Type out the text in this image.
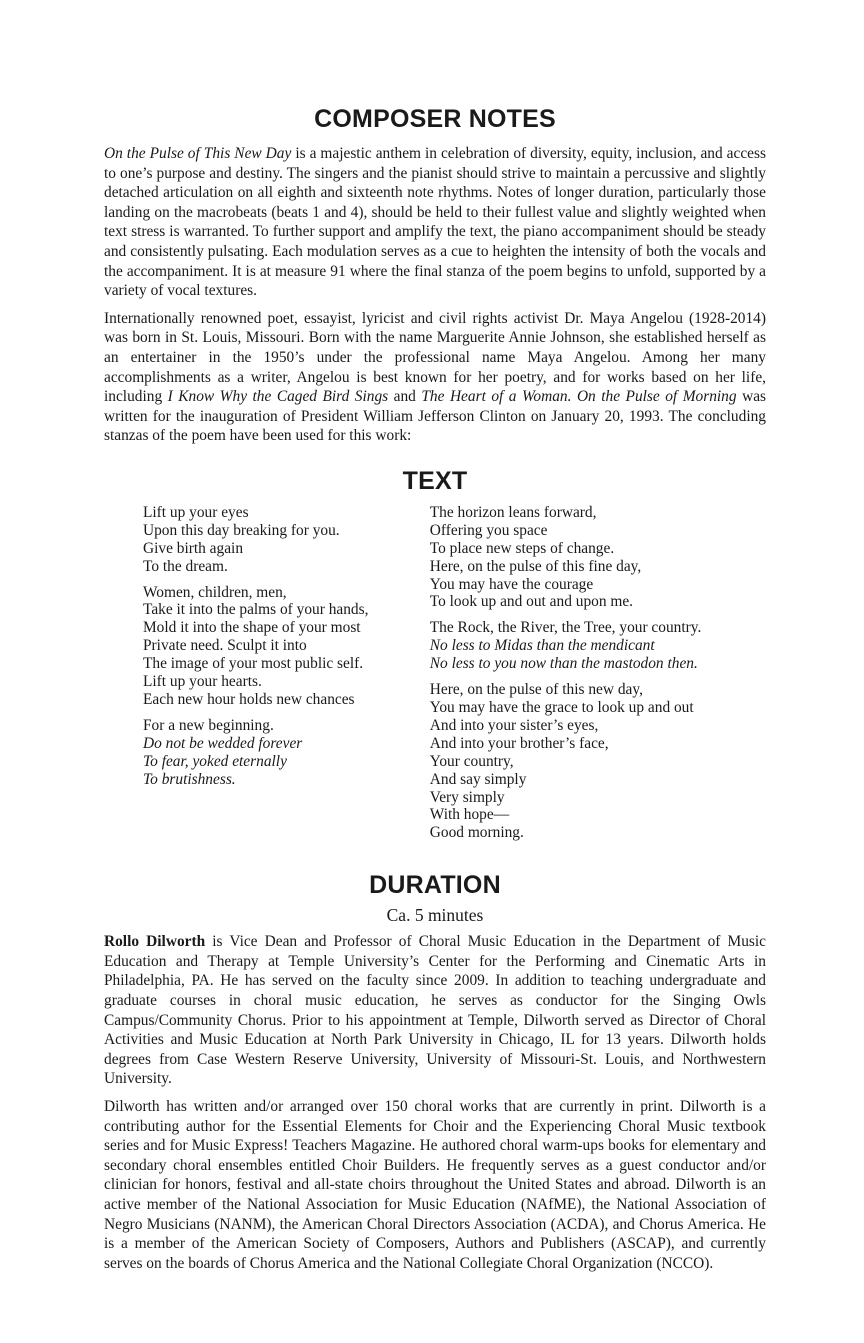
COMPOSER NOTES

On the Pulse of This New Day is a majestic anthem in celebration of diversity, equity, inclusion, and access to one’s purpose and destiny. The singers and the pianist should strive to maintain a percussive and slightly detached articulation on all eighth and sixteenth note rhythms. Notes of longer duration, particularly those landing on the macrobeats (beats 1 and 4), should be held to their fullest value and slightly weighted when text stress is warranted. To further support and amplify the text, the piano accompaniment should be steady and consistently pulsating. Each modulation serves as a cue to heighten the intensity of both the vocals and the accompaniment. It is at measure 91 where the final stanza of the poem begins to unfold, supported by a variety of vocal textures.

Internationally renowned poet, essayist, lyricist and civil rights activist Dr. Maya Angelou (1928-2014) was born in St. Louis, Missouri. Born with the name Marguerite Annie Johnson, she established herself as an entertainer in the 1950’s under the professional name Maya Angelou. Among her many accomplishments as a writer, Angelou is best known for her poetry, and for works based on her life, including I Know Why the Caged Bird Sings and The Heart of a Woman. On the Pulse of Morning was written for the inauguration of President William Jefferson Clinton on January 20, 1993. The concluding stanzas of the poem have been used for this work:

TEXT
Lift up your eyes
Upon this day breaking for you.
Give birth again
To the dream.
Women, children, men,
Take it into the palms of your hands,
Mold it into the shape of your most
Private need. Sculpt it into
The image of your most public self.
Lift up your hearts.
Each new hour holds new chances
For a new beginning.
Do not be wedded forever
To fear, yoked eternally
To brutishness.
The horizon leans forward,
Offering you space
To place new steps of change.
Here, on the pulse of this fine day,
You may have the courage
To look up and out and upon me.
The Rock, the River, the Tree, your country.
No less to Midas than the mendicant
No less to you now than the mastodon then.
Here, on the pulse of this new day,
You may have the grace to look up and out
And into your sister’s eyes,
And into your brother’s face,
Your country,
And say simply
Very simply
With hope—
Good morning.
DURATION
Ca. 5 minutes

Rollo Dilworth is Vice Dean and Professor of Choral Music Education in the Department of Music Education and Therapy at Temple University’s Center for the Performing and Cinematic Arts in Philadelphia, PA. He has served on the faculty since 2009. In addition to teaching undergraduate and graduate courses in choral music education, he serves as conductor for the Singing Owls Campus/Community Chorus. Prior to his appointment at Temple, Dilworth served as Director of Choral Activities and Music Education at North Park University in Chicago, IL for 13 years. Dilworth holds degrees from Case Western Reserve University, University of Missouri-St. Louis, and Northwestern University.

Dilworth has written and/or arranged over 150 choral works that are currently in print. Dilworth is a contributing author for the Essential Elements for Choir and the Experiencing Choral Music textbook series and for Music Express! Teachers Magazine. He authored choral warm-ups books for elementary and secondary choral ensembles entitled Choir Builders. He frequently serves as a guest conductor and/or clinician for honors, festival and all-state choirs throughout the United States and abroad. Dilworth is an active member of the National Association for Music Education (NAfME), the National Association of Negro Musicians (NANM), the American Choral Directors Association (ACDA), and Chorus America. He is a member of the American Society of Composers, Authors and Publishers (ASCAP), and currently serves on the boards of Chorus America and the National Collegiate Choral Organization (NCCO).
